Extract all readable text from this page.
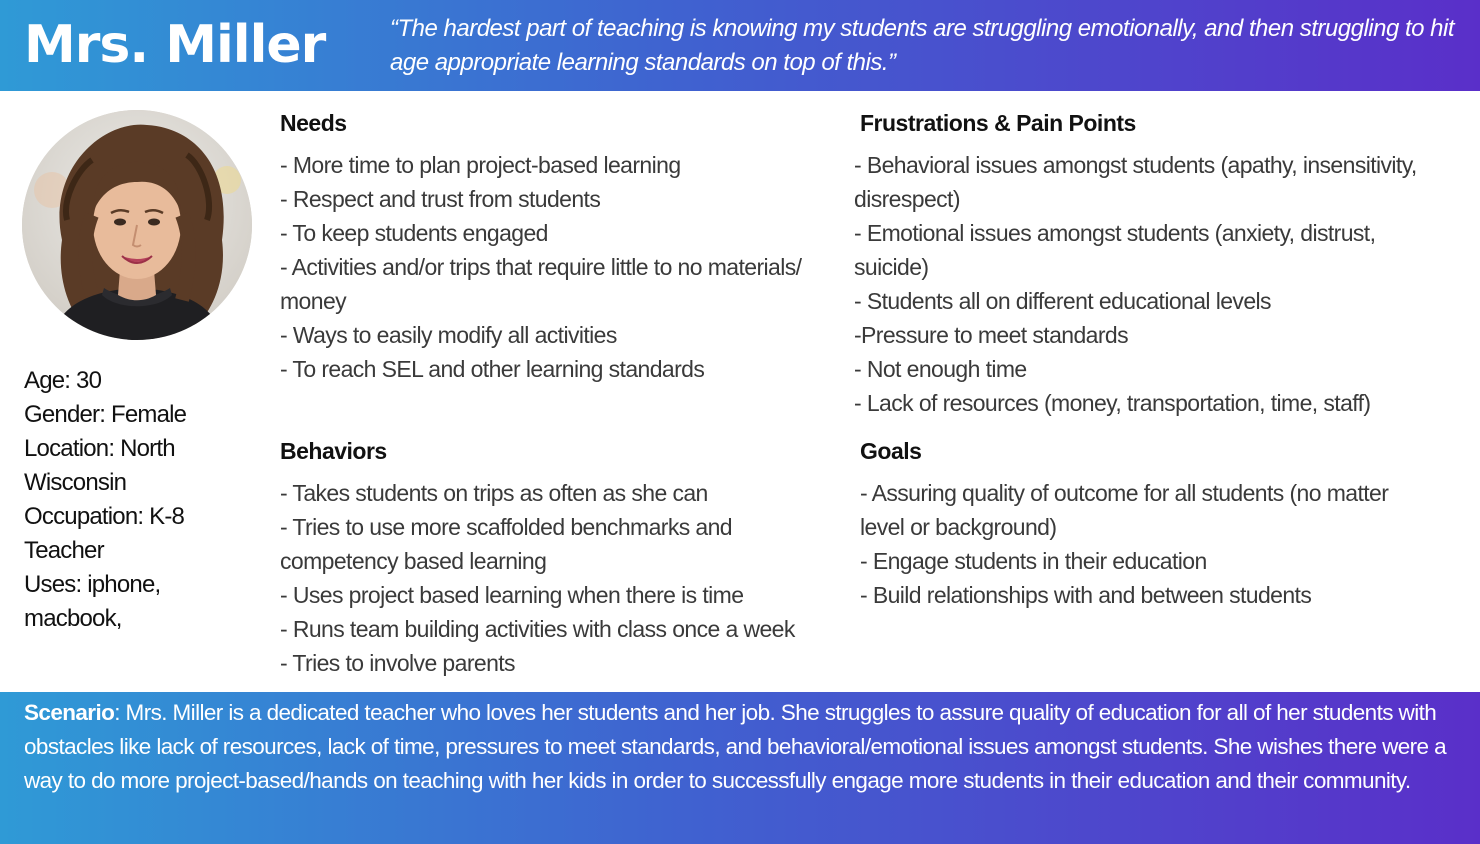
Mrs. Miller	“The hardest part of teaching is knowing my students are struggling emotionally, and then struggling to hit age appropriate learning standards on top of this.”
Age: 30
Gender: Female
Location: North
Wisconsin
Occupation: K-8
Teacher
Uses: iphone,
macbook,
Needs
- More time to plan project-based learning
- Respect and trust from students
- To keep students engaged
- Activities and/or trips that require little to no materials/
money
- Ways to easily modify all activities
- To reach SEL and other learning standards
Frustrations & Pain Points
- Behavioral issues amongst students (apathy, insensitivity,
disrespect)
- Emotional issues amongst students (anxiety, distrust,
suicide)
- Students all on different educational levels
-Pressure to meet standards
- Not enough time
- Lack of resources (money, transportation, time, staff)
Behaviors
- Takes students on trips as often as she can
- Tries to use more scaffolded benchmarks and
competency based learning
- Uses project based learning when there is time
- Runs team building activities with class once a week
- Tries to involve parents
Goals
- Assuring quality of outcome for all students (no matter
level or background)
- Engage students in their education
- Build relationships with and between students
Scenario: Mrs. Miller is a dedicated teacher who loves her students and her job. She struggles to assure quality of education for all of her students with obstacles like lack of resources, lack of time, pressures to meet standards, and behavioral/emotional issues amongst students. She wishes there were a way to do more project-based/hands on teaching with her kids in order to successfully engage more students in their education and their community.
